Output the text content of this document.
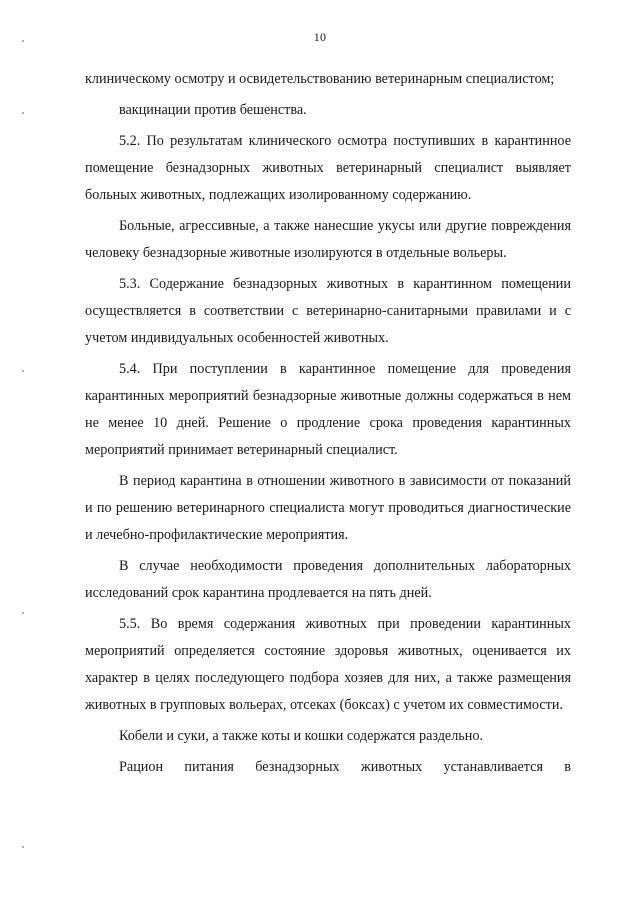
10

клиническому осмотру и освидетельствованию ветеринарным специалистом;

вакцинации против бешенства.

5.2. По результатам клинического осмотра поступивших в карантинное помещение безнадзорных животных ветеринарный специалист выявляет больных животных, подлежащих изолированному содержанию.

Больные, агрессивные, а также нанесшие укусы или другие повреждения человеку безнадзорные животные изолируются в отдельные вольеры.

5.3. Содержание безнадзорных животных в карантинном помещении осуществляется в соответствии с ветеринарно-санитарными правилами и с учетом индивидуальных особенностей животных.

5.4. При поступлении в карантинное помещение для проведения карантинных мероприятий безнадзорные животные должны содержаться в нем не менее 10 дней. Решение о продление срока проведения карантинных мероприятий принимает ветеринарный специалист.

В период карантина в отношении животного в зависимости от показаний и по решению ветеринарного специалиста могут проводиться диагностические и лечебно-профилактические мероприятия.

В случае необходимости проведения дополнительных лабораторных исследований срок карантина продлевается на пять дней.

5.5. Во время содержания животных при проведении карантинных мероприятий определяется состояние здоровья животных, оценивается их характер в целях последующего подбора хозяев для них, а также размещения животных в групповых вольерах, отсеках (боксах) с учетом их совместимости.

Кобели и суки, а также коты и кошки содержатся раздельно.

Рацион питания безнадзорных животных устанавливается в
